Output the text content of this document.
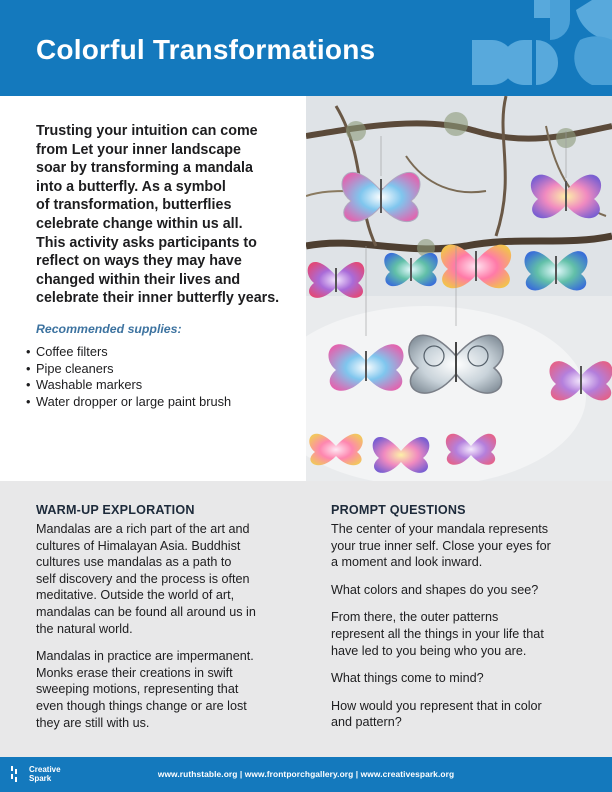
Colorful Transformations
Trusting your intuition can come
from Let your inner landscape
soar by transforming a mandala
into a butterfly. As a symbol
of transformation, butterflies
celebrate change within us all.
This activity asks participants to
reflect on ways they may have
changed within their lives and
celebrate their inner butterfly years.
Recommended supplies:
• Coffee filters
• Pipe cleaners
• Washable markers
• Water dropper or large paint brush
WARM-UP EXPLORATION
Mandalas are a rich part of the art and
cultures of Himalayan Asia. Buddhist
cultures use mandalas as a path to
self discovery and the process is often
meditative. Outside the world of art,
mandalas can be found all around us in
the natural world.
Mandalas in practice are impermanent.
Monks erase their creations in swift
sweeping motions, representing that
even though things change or are lost
they are still with us.
PROMPT QUESTIONS
The center of your mandala represents
your true inner self. Close your eyes for
a moment and look inward.
What colors and shapes do you see?
From there, the outer patterns
represent all the things in your life that
have led to you being who you are.
What things come to mind?
How would you represent that in color
and pattern?
Creative
Spark	www.ruthstable.org | www.frontporchgallery.org | www.creativespark.org
